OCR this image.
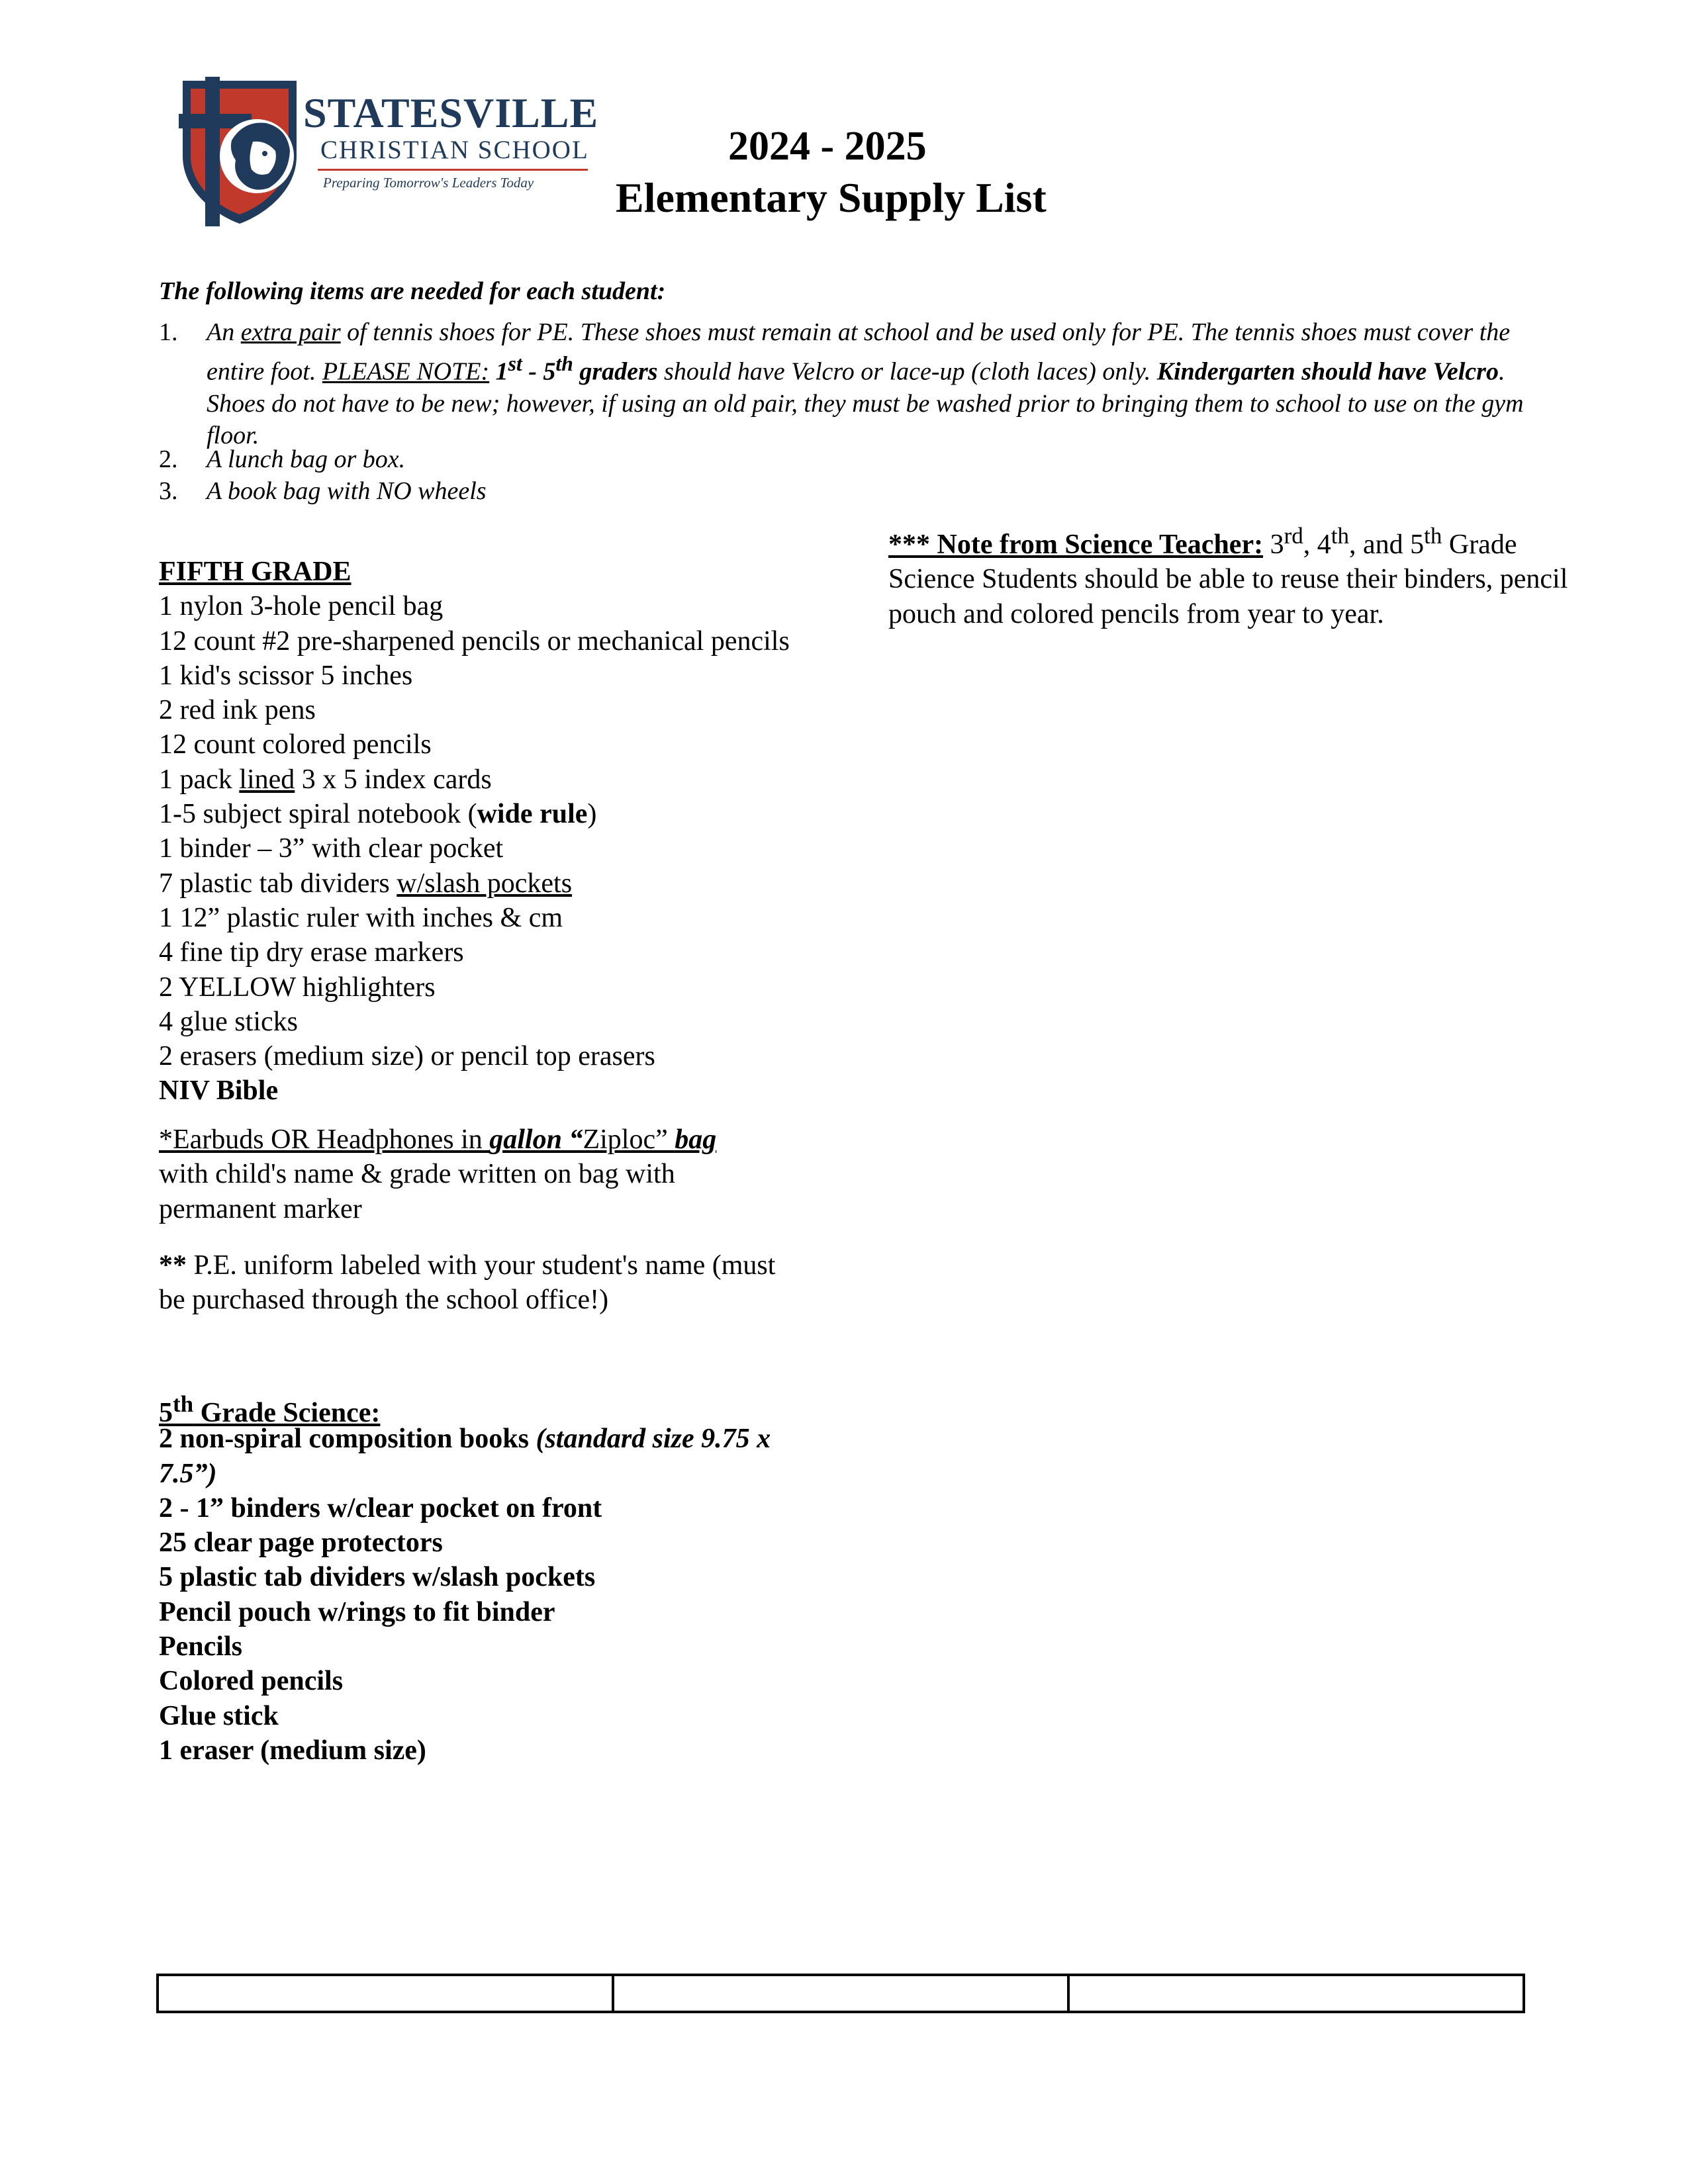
STATESVILLE
CHRISTIAN SCHOOL
Preparing Tomorrow's Leaders Today
2024 - 2025
Elementary Supply List
The following items are needed for each student:
1. An extra pair of tennis shoes for PE. These shoes must remain at school and be used only for PE. The tennis shoes must cover the entire foot. PLEASE NOTE: 1st - 5th graders should have Velcro or lace-up (cloth laces) only. Kindergarten should have Velcro. Shoes do not have to be new; however, if using an old pair, they must be washed prior to bringing them to school to use on the gym floor.
2. A lunch bag or box.
3. A book bag with NO wheels
FIFTH GRADE
1 nylon 3-hole pencil bag
12 count #2 pre-sharpened pencils or mechanical pencils
1 kid's scissor 5 inches
2 red ink pens
12 count colored pencils
1 pack lined 3 x 5 index cards
1-5 subject spiral notebook (wide rule)
1 binder – 3” with clear pocket
7 plastic tab dividers w/slash pockets
1 12” plastic ruler with inches & cm
4 fine tip dry erase markers
2 YELLOW highlighters
4 glue sticks
2 erasers (medium size) or pencil top erasers
NIV Bible
*Earbuds OR Headphones in gallon “Ziploc” bag
with child's name & grade written on bag with
permanent marker
** P.E. uniform labeled with your student's name (must
be purchased through the school office!)
5th Grade Science:
2 non-spiral composition books (standard size 9.75 x
7.5”)
2 - 1” binders w/clear pocket on front
25 clear page protectors
5 plastic tab dividers w/slash pockets
Pencil pouch w/rings to fit binder
Pencils
Colored pencils
Glue stick
1 eraser (medium size)
*** Note from Science Teacher: 3rd, 4th, and 5th Grade Science Students should be able to reuse their binders, pencil pouch and colored pencils from year to year.
